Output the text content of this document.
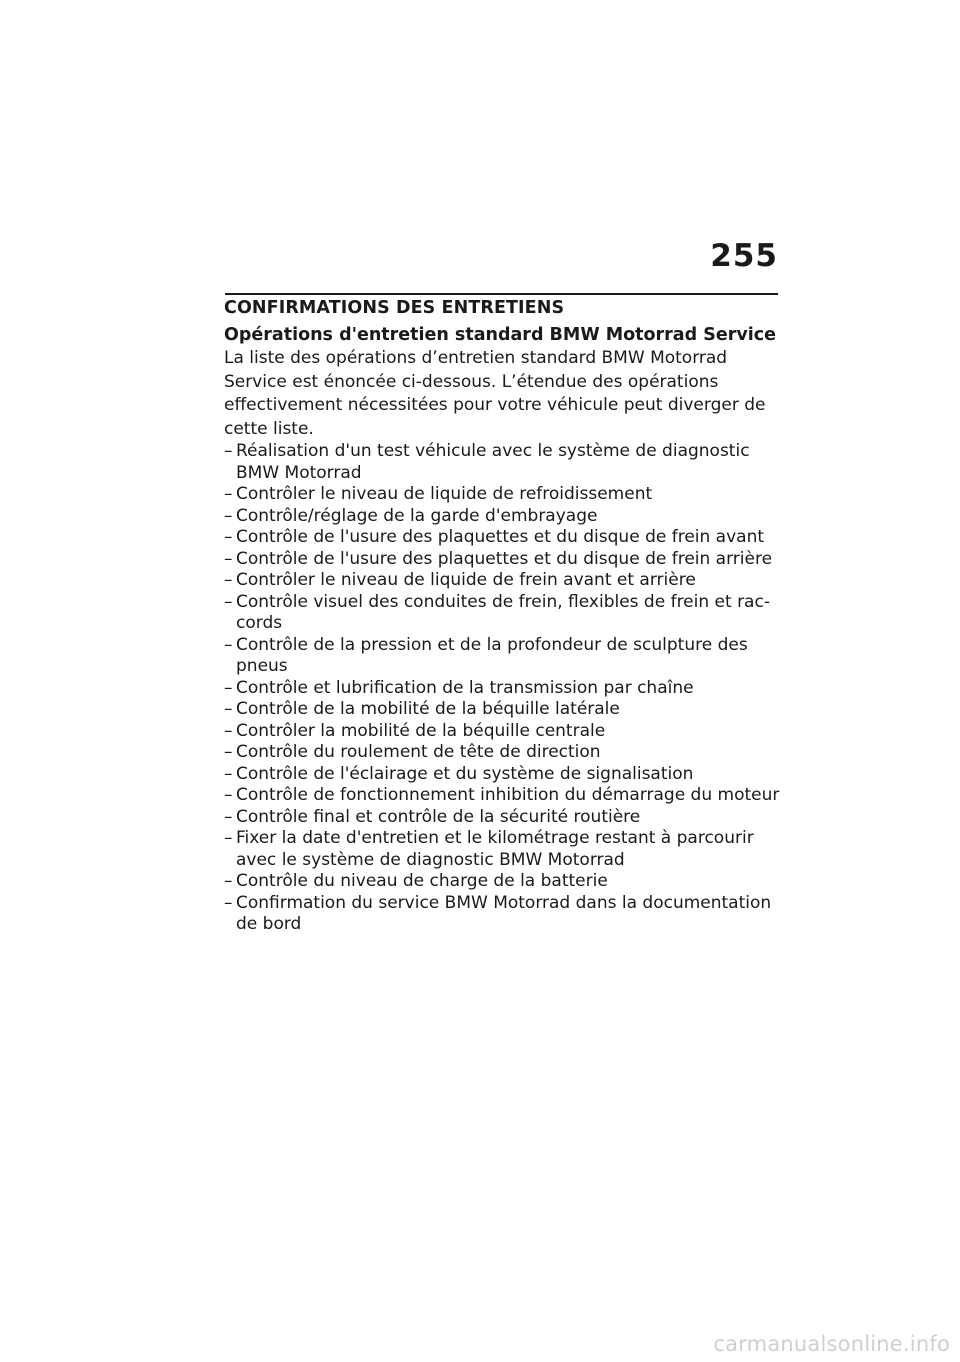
255
CONFIRMATIONS DES ENTRETIENS
Opérations d'entretien standard BMW Motorrad Service

La liste des opérations d’entretien standard BMW Motorrad Service est énoncée ci-dessous. L’étendue des opérations effectivement nécessitées pour votre véhicule peut diverger de cette liste.

– Réalisation d'un test véhicule avec le système de diagnostic
BMW Motorrad
– Contrôler le niveau de liquide de refroidissement
– Contrôle/réglage de la garde d'embrayage
– Contrôle de l'usure des plaquettes et du disque de frein avant
– Contrôle de l'usure des plaquettes et du disque de frein arrière
– Contrôler le niveau de liquide de frein avant et arrière
– Contrôle visuel des conduites de frein, flexibles de frein et rac-
cords
– Contrôle de la pression et de la profondeur de sculpture des
pneus
– Contrôle et lubrification de la transmission par chaîne
– Contrôle de la mobilité de la béquille latérale
– Contrôler la mobilité de la béquille centrale
– Contrôle du roulement de tête de direction
– Contrôle de l'éclairage et du système de signalisation
– Contrôle de fonctionnement inhibition du démarrage du moteur
– Contrôle final et contrôle de la sécurité routière
– Fixer la date d'entretien et le kilométrage restant à parcourir
avec le système de diagnostic BMW Motorrad
– Contrôle du niveau de charge de la batterie
– Confirmation du service BMW Motorrad dans la documentation
de bord
carmanualsonline.info
